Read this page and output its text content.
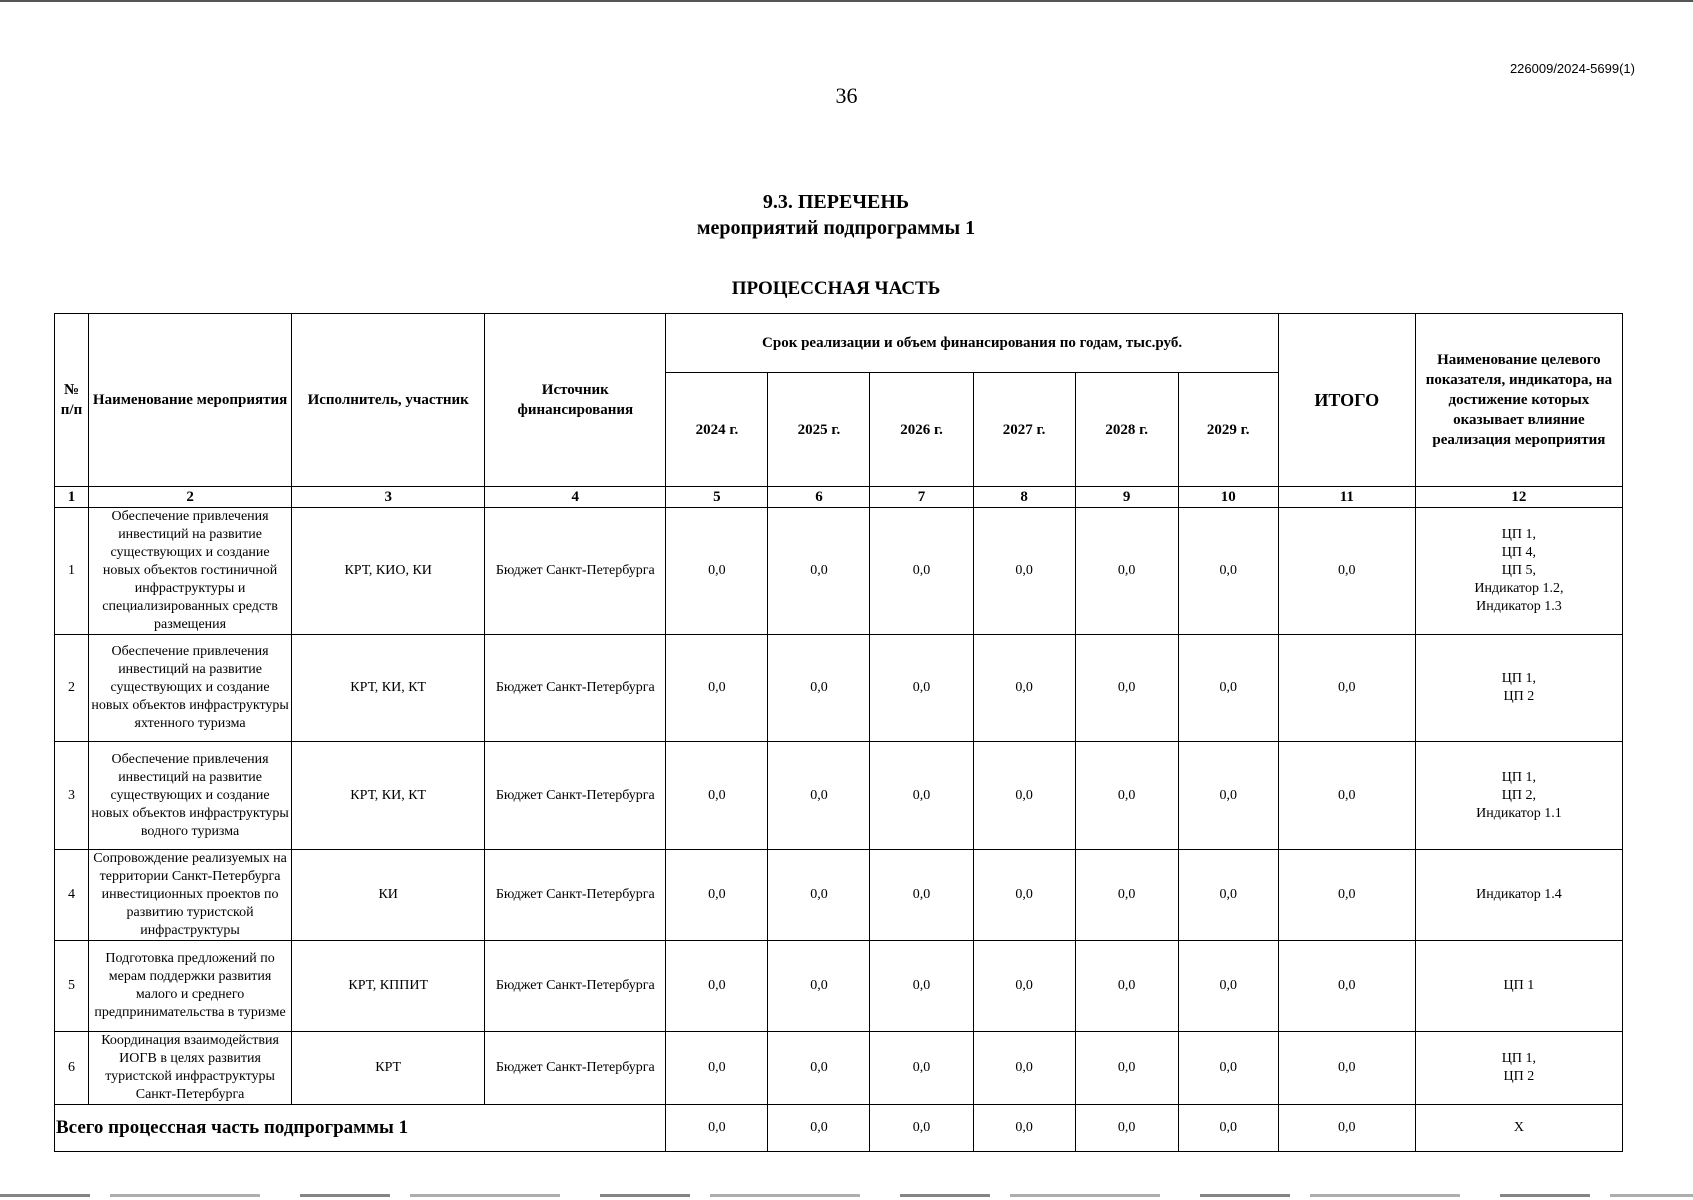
226009/2024-5699(1)
36
9.3. ПЕРЕЧЕНЬ
мероприятий подпрограммы 1
ПРОЦЕССНАЯ ЧАСТЬ
№ п/п	Наименование мероприятия	Исполнитель, участник	Источник финансирования	Срок реализации и объем финансирования по годам, тыс.руб.						ИТОГО	Наименование целевого показателя, индикатора, на достижение которых оказывает влияние реализация мероприятия
				2024 г.	2025 г.	2026 г.	2027 г.	2028 г.	2029 г.		
1	2	3	4	5	6	7	8	9	10	11	12
1	Обеспечение привлечения инвестиций на развитие существующих и создание новых объектов гостиничной инфраструктуры и специализированных средств размещения	КРТ, КИО, КИ	Бюджет Санкт-Петербурга	0,0	0,0	0,0	0,0	0,0	0,0	0,0	ЦП 1,
ЦП 4,
ЦП 5,
Индикатор 1.2,
Индикатор 1.3

2	Обеспечение привлечения инвестиций на развитие существующих и создание новых объектов инфраструктуры яхтенного туризма	КРТ, КИ, КТ	Бюджет Санкт-Петербурга	0,0	0,0	0,0	0,0	0,0	0,0	0,0	ЦП 1,
ЦП 2

3	Обеспечение привлечения инвестиций на развитие существующих и создание новых объектов инфраструктуры водного туризма	КРТ, КИ, КТ	Бюджет Санкт-Петербурга	0,0	0,0	0,0	0,0	0,0	0,0	0,0	ЦП 1,
ЦП 2,
Индикатор 1.1

4	Сопровождение реализуемых на территории Санкт-Петербурга инвестиционных проектов по развитию туристской инфраструктуры	КИ	Бюджет Санкт-Петербурга	0,0	0,0	0,0	0,0	0,0	0,0	0,0	Индикатор 1.4

5	Подготовка предложений по мерам поддержки развития малого и среднего предпринимательства в туризме	КРТ, КППИТ	Бюджет Санкт-Петербурга	0,0	0,0	0,0	0,0	0,0	0,0	0,0	ЦП 1

6	Координация взаимодействия ИОГВ в целях развития туристской инфраструктуры Санкт-Петербурга	КРТ	Бюджет Санкт-Петербурга	0,0	0,0	0,0	0,0	0,0	0,0	0,0	ЦП 1,
ЦП 2

Всего процессная часть подпрограммы 1				0,0	0,0	0,0	0,0	0,0	0,0	0,0	Х
